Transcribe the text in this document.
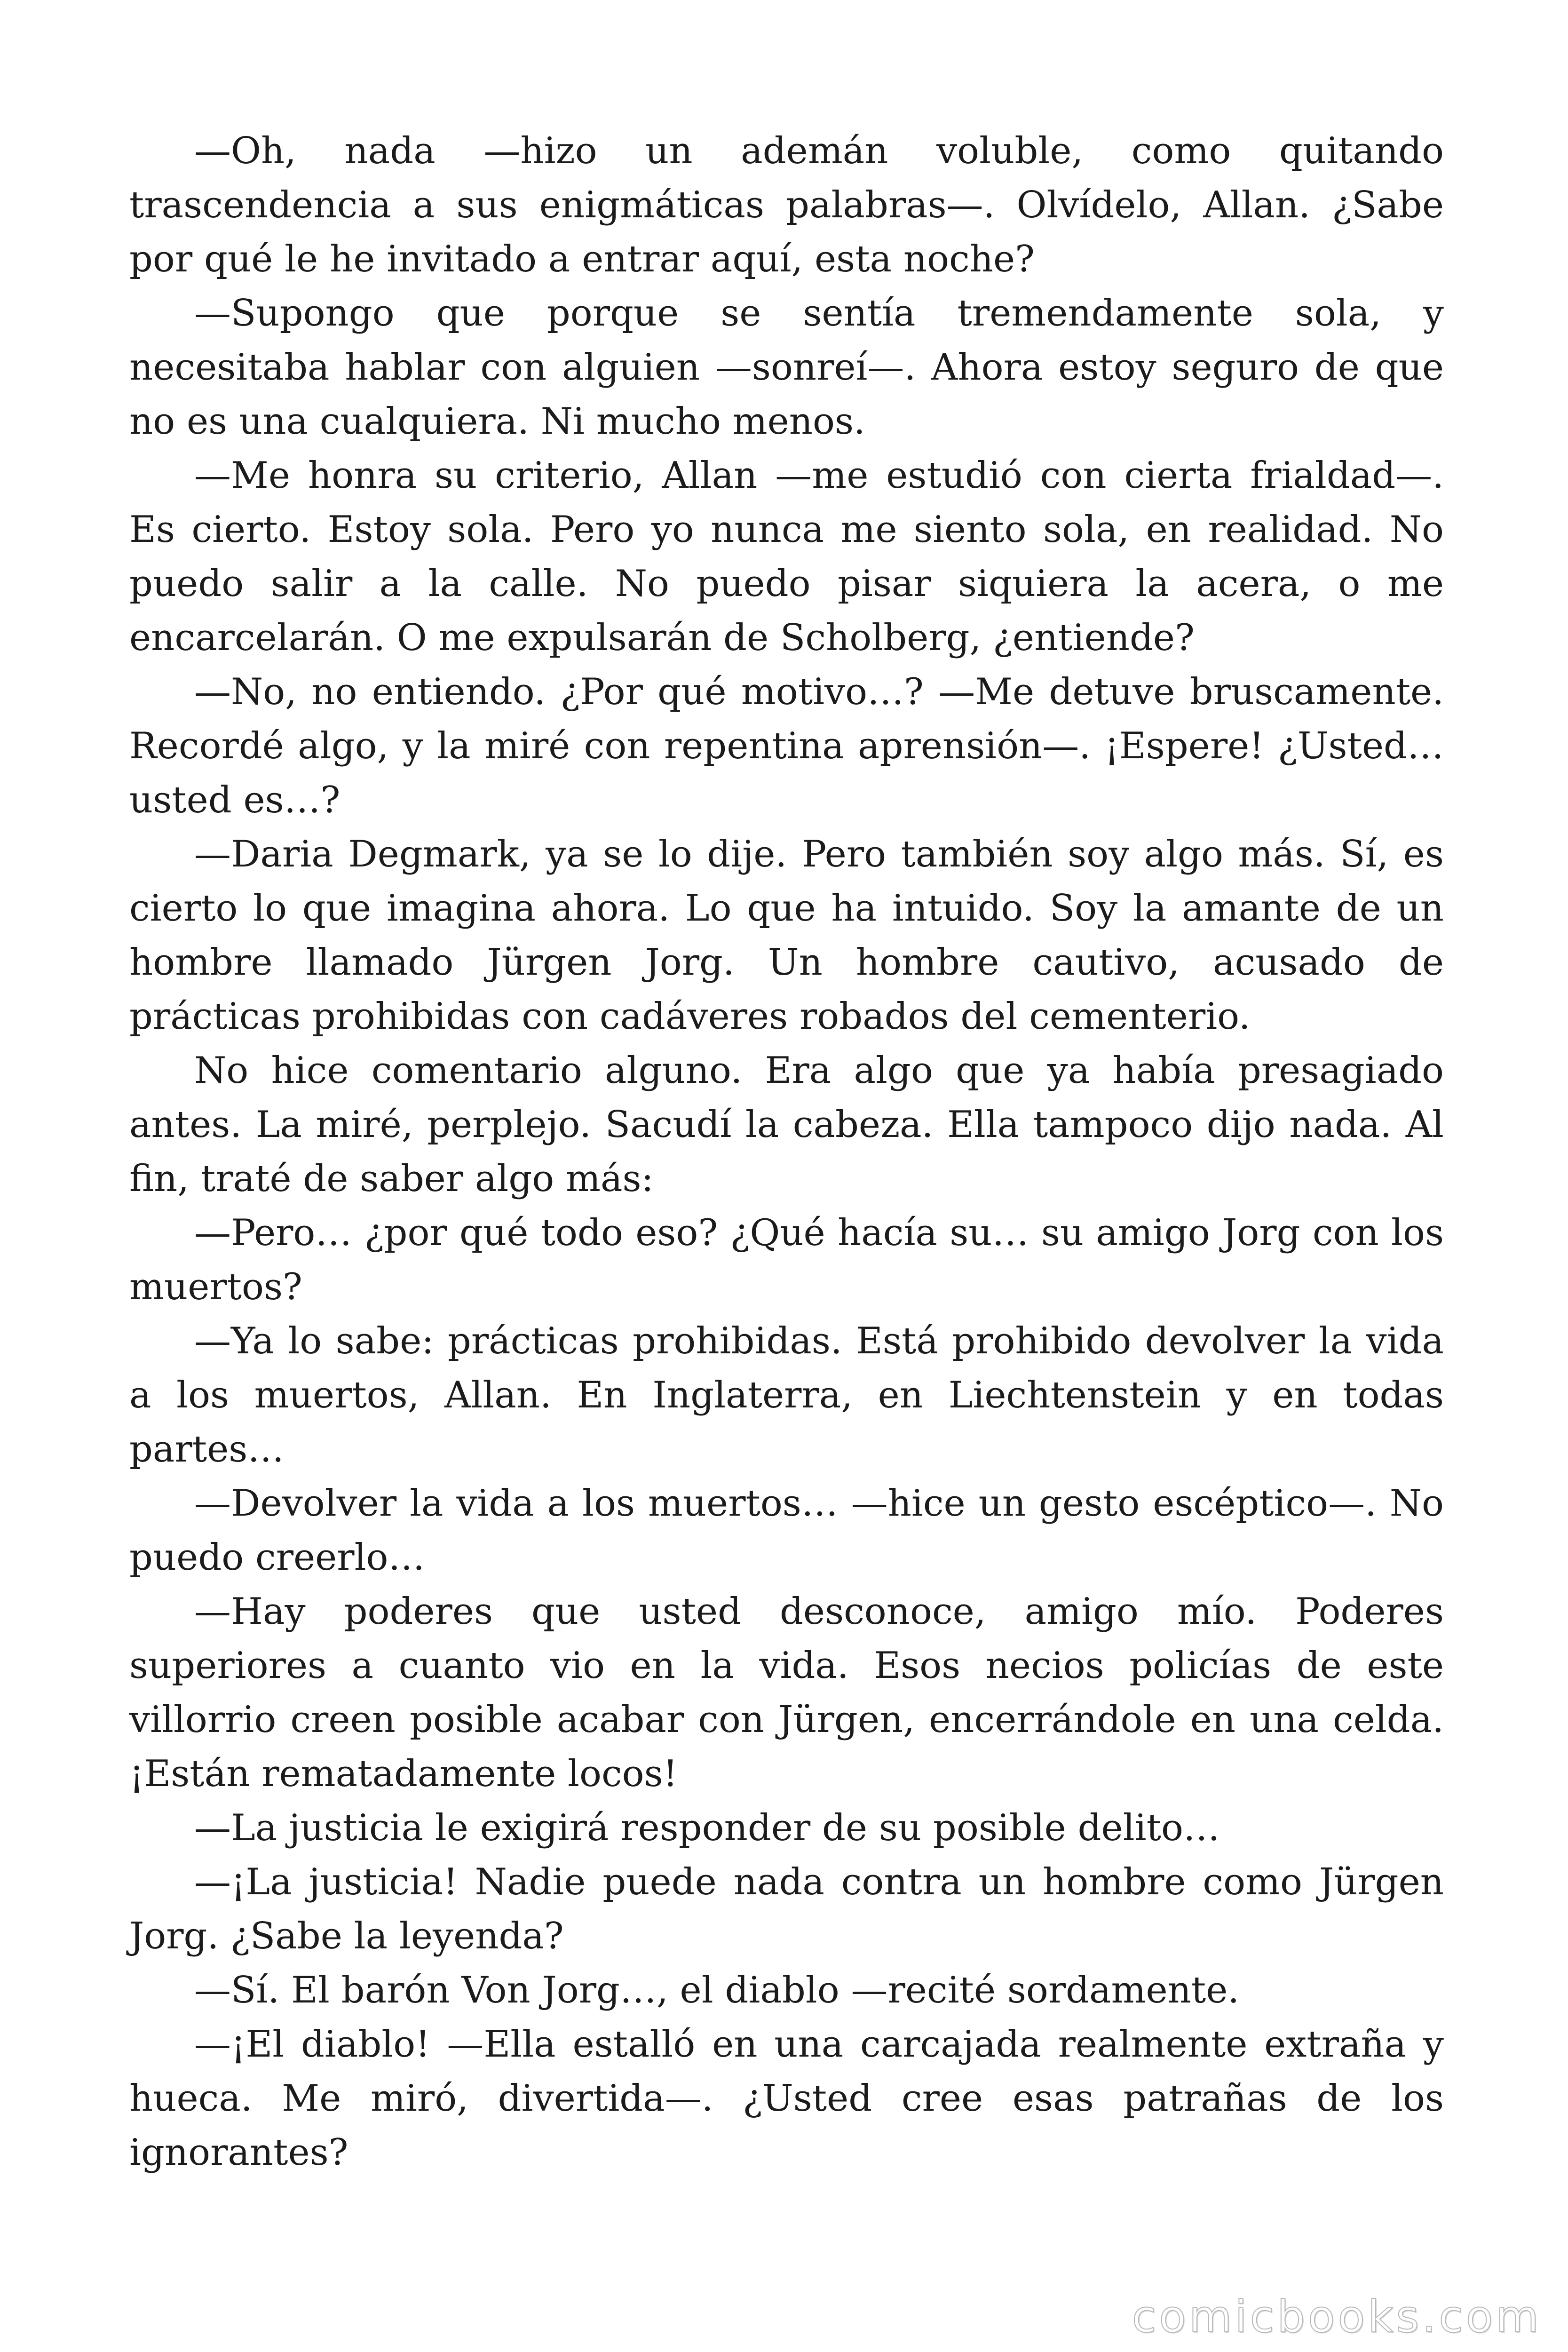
—Oh, nada —hizo un ademán voluble, como quitando trascendencia a sus enigmáticas palabras—. Olvídelo, Allan. ¿Sabe por qué le he invitado a entrar aquí, esta noche?

—Supongo que porque se sentía tremendamente sola, y necesitaba hablar con alguien —sonreí—. Ahora estoy seguro de que no es una cualquiera. Ni mucho menos.

—Me honra su criterio, Allan —me estudió con cierta frialdad—. Es cierto. Estoy sola. Pero yo nunca me siento sola, en realidad. No puedo salir a la calle. No puedo pisar siquiera la acera, o me encarcelarán. O me expulsarán de Scholberg, ¿entiende?

—No, no entiendo. ¿Por qué motivo…? —Me detuve bruscamente. Recordé algo, y la miré con repentina aprensión—. ¡Espere! ¿Usted… usted es…?

—Daria Degmark, ya se lo dije. Pero también soy algo más. Sí, es cierto lo que imagina ahora. Lo que ha intuido. Soy la amante de un hombre llamado Jürgen Jorg. Un hombre cautivo, acusado de prácticas prohibidas con cadáveres robados del cementerio.

No hice comentario alguno. Era algo que ya había presagiado antes. La miré, perplejo. Sacudí la cabeza. Ella tampoco dijo nada. Al fin, traté de saber algo más:

—Pero… ¿por qué todo eso? ¿Qué hacía su… su amigo Jorg con los muertos?

—Ya lo sabe: prácticas prohibidas. Está prohibido devolver la vida a los muertos, Allan. En Inglaterra, en Liechtenstein y en todas partes…

—Devolver la vida a los muertos… —hice un gesto escéptico—. No puedo creerlo…

—Hay poderes que usted desconoce, amigo mío. Poderes superiores a cuanto vio en la vida. Esos necios policías de este villorrio creen posible acabar con Jürgen, encerrándole en una celda. ¡Están rematadamente locos!

—La justicia le exigirá responder de su posible delito…

—¡La justicia! Nadie puede nada contra un hombre como Jürgen Jorg. ¿Sabe la leyenda?

—Sí. El barón Von Jorg…, el diablo —recité sordamente.

—¡El diablo! —Ella estalló en una carcajada realmente extraña y hueca. Me miró, divertida—. ¿Usted cree esas patrañas de los ignorantes?

comicbooks.com
